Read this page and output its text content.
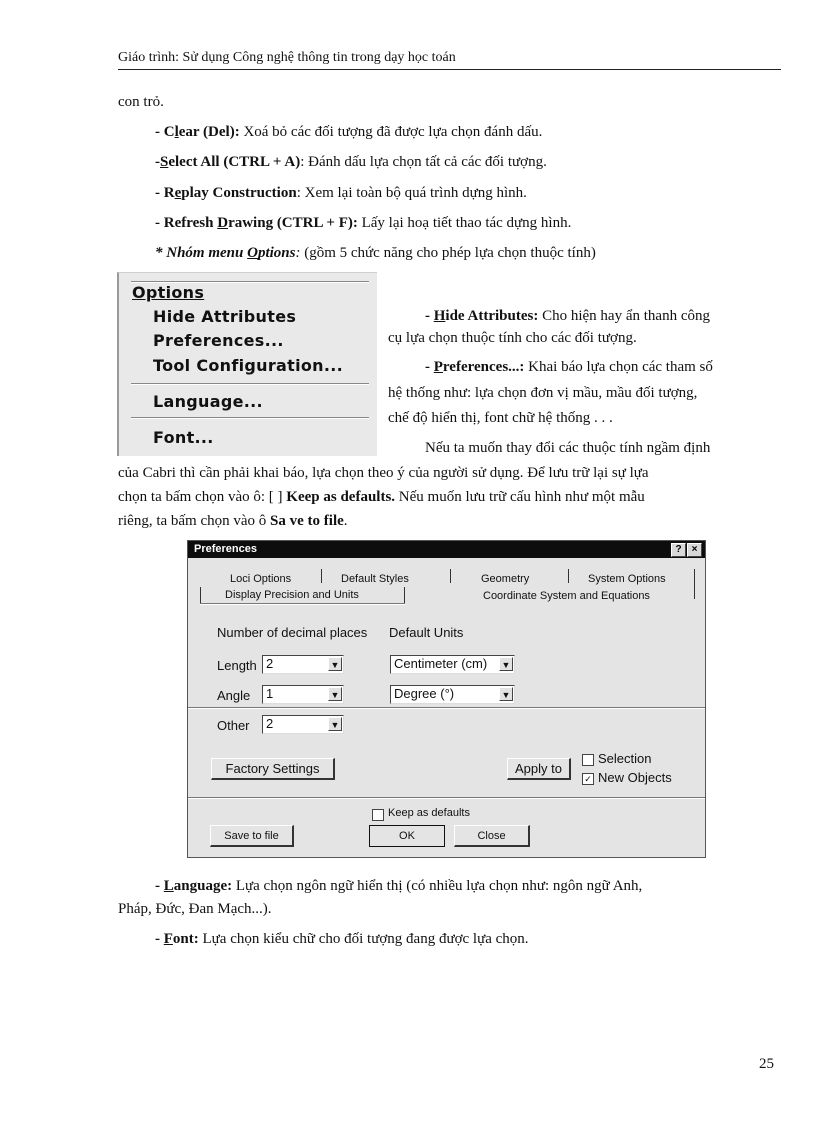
Giáo trình: Sử dụng Công nghệ thông tin trong dạy học toán
con trỏ.
- Clear (Del): Xoá bỏ các đối tượng đã được lựa chọn đánh dấu.
-Select All (CTRL + A): Đánh dấu lựa chọn tất cả các đối tượng.
- Replay Construction: Xem lại toàn bộ quá trình dựng hình.
- Refresh Drawing (CTRL + F): Lấy lại hoạ tiết thao tác dựng hình.
* Nhóm menu Options: (gồm 5 chức năng cho phép lựa chọn thuộc tính)
Options
Hide Attributes
Preferences...
Tool Configuration...
Language...
Font...
- Hide Attributes: Cho hiện hay ẩn thanh công
cụ lựa chọn thuộc tính cho các đối tượng.
- Preferences...: Khai báo lựa chọn các tham số
hệ thống như: lựa chọn đơn vị mầu, mầu đối tượng,
chế độ hiển thị, font chữ hệ thống . . .
Nếu ta muốn thay đổi các thuộc tính ngầm định
của Cabri thì cần phải khai báo, lựa chọn theo ý của người sử dụng. Để lưu trữ lại sự lựa
chọn ta bấm chọn vào ô: [ ] Keep as defaults. Nếu muốn lưu trữ cấu hình như một mẫu
riêng, ta bấm chọn vào ô Sa ve to file.
Preferences	?	×
Loci Options	Default Styles	Geometry	System Options
Display Precision and Units	Coordinate System and Equations
Number of decimal places Default Units
Length 2	▼	Centimeter (cm) ▼
Angle 1	▼	Degree (°)	▼
Other 2	▼
Factory Settings	Apply to
Selection
✓ New Objects
Keep as defaults
Save to file	OK	Close
- Language: Lựa chọn ngôn ngữ hiển thị (có nhiều lựa chọn như: ngôn ngữ Anh,
Pháp, Đức, Đan Mạch...).
- Font: Lựa chọn kiểu chữ cho đối tượng đang được lựa chọn.
25
